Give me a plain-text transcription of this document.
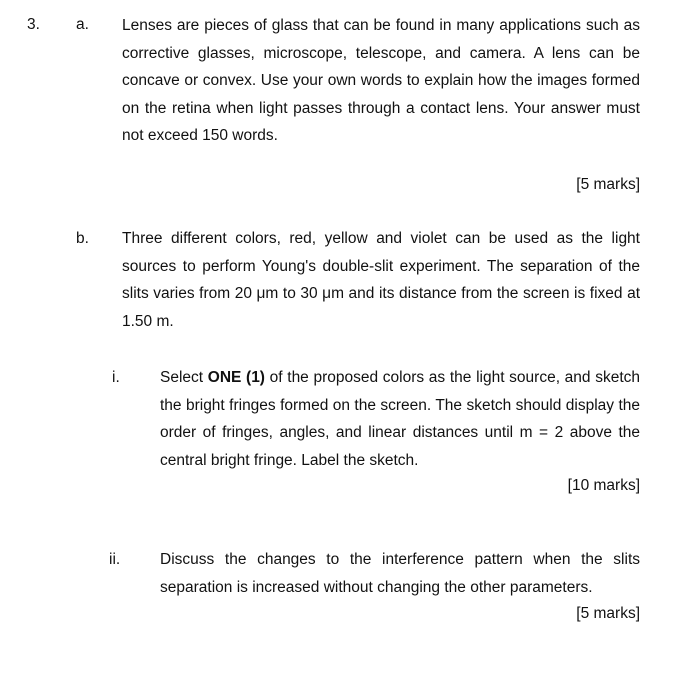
3. a. Lenses are pieces of glass that can be found in many applications such as corrective glasses, microscope, telescope, and camera. A lens can be concave or convex. Use your own words to explain how the images formed on the retina when light passes through a contact lens. Your answer must not exceed 150 words.
[5 marks]
b. Three different colors, red, yellow and violet can be used as the light sources to perform Young's double-slit experiment. The separation of the slits varies from 20 μm to 30 μm and its distance from the screen is fixed at 1.50 m.
i.	Select ONE (1) of the proposed colors as the light source, and sketch the bright fringes formed on the screen. The sketch should display the order of fringes, angles, and linear distances until m = 2 above the central bright fringe. Label the sketch.
[10 marks]
ii.	Discuss the changes to the interference pattern when the slits separation is increased without changing the other parameters.
[5 marks]
